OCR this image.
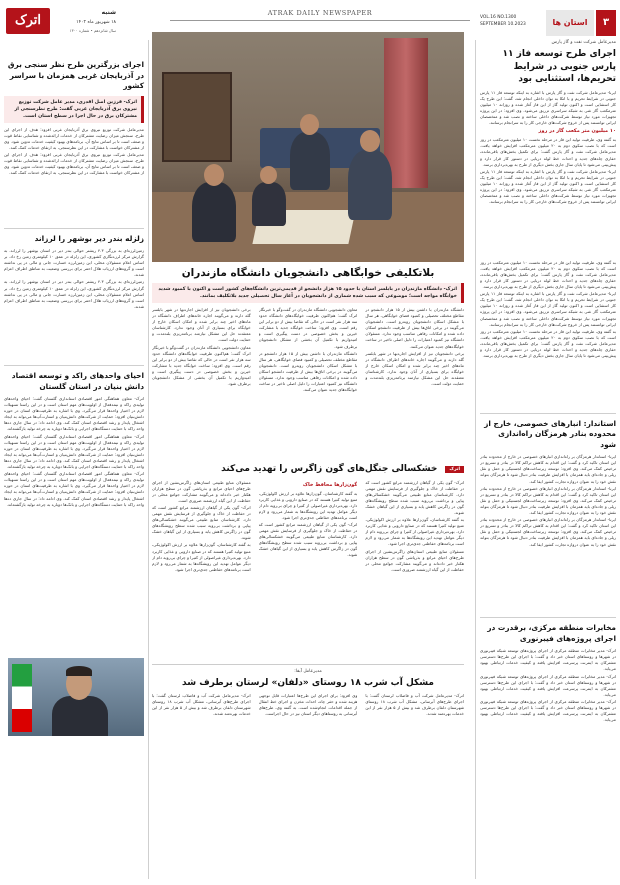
ATRAK DAILY NEWSPAPER
۳
استان ها
VOL.16 NO.1300
SEPTEMBER 10.2023
اترک
شنبه
۱۸ شهریور ماه ۱۴۰۲
سال شانزدهم • شماره ۱۳۰۰
مدیرعامل شرکت نفت و گاز پارس
اجرای طرح توسعه فاز ۱۱ پارس جنوبی در شرایط تحریم‌ها، استثنایی بود

ایرنا- مدیرعامل شرکت نفت و گاز پارس با اشاره به اینکه توسعه فاز ۱۱ پارس جنوبی در شرایط تحریم و با اتکا به توان داخلی انجام شد، گفت: این طرح یک کار استثنایی است و اکنون تولید گاز از این فاز آغاز شده و روزانه ۱۰ میلیون مترمکعب گاز غنی به شبکه سراسری تزریق می‌شود. وی افزود: در این پروژه تجهیزات مورد نیاز توسط شرکت‌های داخلی ساخته و نصب شد و متخصصان ایرانی توانستند پس از خروج شرکت‌های خارجی کار را به سرانجام برسانند.

۱۰ میلیون متر مکعب گاز در روز

به گفته وی، ظرفیت تولید این فاز در مرحله نخست ۱۰ میلیون مترمکعب در روز است که با نصب سکوی دوم به ۲۰ میلیون مترمکعب افزایش خواهد یافت. مدیرعامل شرکت نفت و گاز پارس گفت: برای تکمیل بخش‌های باقی‌مانده، حفاری چاه‌های جدید و احداث خط لوله دریایی در دستور کار قرار دارد و پیش‌بینی می‌شود تا پایان سال جاری بخش دیگری از طرح به بهره‌برداری برسد.

ایرنا- مدیرعامل شرکت نفت و گاز پارس با اشاره به اینکه توسعه فاز ۱۱ پارس جنوبی در شرایط تحریم و با اتکا به توان داخلی انجام شد، گفت: این طرح یک کار استثنایی است و اکنون تولید گاز از این فاز آغاز شده و روزانه ۱۰ میلیون مترمکعب گاز غنی به شبکه سراسری تزریق می‌شود. وی افزود: در این پروژه تجهیزات مورد نیاز توسط شرکت‌های داخلی ساخته و نصب شد و متخصصان ایرانی توانستند پس از خروج شرکت‌های خارجی کار را به سرانجام برسانند.

به گفته وی، ظرفیت تولید این فاز در مرحله نخست ۱۰ میلیون مترمکعب در روز است که با نصب سکوی دوم به ۲۰ میلیون مترمکعب افزایش خواهد یافت. مدیرعامل شرکت نفت و گاز پارس گفت: برای تکمیل بخش‌های باقی‌مانده، حفاری چاه‌های جدید و احداث خط لوله دریایی در دستور کار قرار دارد و پیش‌بینی می‌شود تا پایان سال جاری بخش دیگری از طرح به بهره‌برداری برسد.

ایرنا- مدیرعامل شرکت نفت و گاز پارس با اشاره به اینکه توسعه فاز ۱۱ پارس جنوبی در شرایط تحریم و با اتکا به توان داخلی انجام شد، گفت: این طرح یک کار استثنایی است و اکنون تولید گاز از این فاز آغاز شده و روزانه ۱۰ میلیون مترمکعب گاز غنی به شبکه سراسری تزریق می‌شود. وی افزود: در این پروژه تجهیزات مورد نیاز توسط شرکت‌های داخلی ساخته و نصب شد و متخصصان ایرانی توانستند پس از خروج شرکت‌های خارجی کار را به سرانجام برسانند.

به گفته وی، ظرفیت تولید این فاز در مرحله نخست ۱۰ میلیون مترمکعب در روز است که با نصب سکوی دوم به ۲۰ میلیون مترمکعب افزایش خواهد یافت. مدیرعامل شرکت نفت و گاز پارس گفت: برای تکمیل بخش‌های باقی‌مانده، حفاری چاه‌های جدید و احداث خط لوله دریایی در دستور کار قرار دارد و پیش‌بینی می‌شود تا پایان سال جاری بخش دیگری از طرح به بهره‌برداری برسد.

استاندار: انبارهای خصوصی، خارج از محدوده بنادر هرمزگان راه‌اندازی شود

ایرنا- استاندار هرمزگان بر راه‌اندازی انبارهای خصوصی در خارج از محدوده بنادر این استان تاکید کرد و گفت: این اقدام به کاهش تراکم کالا در بنادر و تسریع در ترخیص کمک می‌کند. وی افزود: توسعه زیرساخت‌های لجستیکی و حمل و نقل ریلی و جاده‌ای باید همزمان با افزایش ظرفیت بنادر دنبال شود تا هرمزگان بتواند نقش خود را به عنوان دروازه تجارت کشور ایفا کند.

ایرنا- استاندار هرمزگان بر راه‌اندازی انبارهای خصوصی در خارج از محدوده بنادر این استان تاکید کرد و گفت: این اقدام به کاهش تراکم کالا در بنادر و تسریع در ترخیص کمک می‌کند. وی افزود: توسعه زیرساخت‌های لجستیکی و حمل و نقل ریلی و جاده‌ای باید همزمان با افزایش ظرفیت بنادر دنبال شود تا هرمزگان بتواند نقش خود را به عنوان دروازه تجارت کشور ایفا کند.

ایرنا- استاندار هرمزگان بر راه‌اندازی انبارهای خصوصی در خارج از محدوده بنادر این استان تاکید کرد و گفت: این اقدام به کاهش تراکم کالا در بنادر و تسریع در ترخیص کمک می‌کند. وی افزود: توسعه زیرساخت‌های لجستیکی و حمل و نقل ریلی و جاده‌ای باید همزمان با افزایش ظرفیت بنادر دنبال شود تا هرمزگان بتواند نقش خود را به عنوان دروازه تجارت کشور ایفا کند.

مخابرات منطقه مرکزی، برقدرت در اجرای پروژه‌های فیبرنوری

اترک- مدیر مخابرات منطقه مرکزی از اجرای پروژه‌های توسعه شبکه فیبرنوری در شهرها و روستاهای استان خبر داد و گفت: با اجرای این طرح‌ها دسترسی مشترکان به اینترنت پرسرعت افزایش یافته و کیفیت خدمات ارتباطی بهبود می‌یابد.

اترک- مدیر مخابرات منطقه مرکزی از اجرای پروژه‌های توسعه شبکه فیبرنوری در شهرها و روستاهای استان خبر داد و گفت: با اجرای این طرح‌ها دسترسی مشترکان به اینترنت پرسرعت افزایش یافته و کیفیت خدمات ارتباطی بهبود می‌یابد.

اترک- مدیر مخابرات منطقه مرکزی از اجرای پروژه‌های توسعه شبکه فیبرنوری در شهرها و روستاهای استان خبر داد و گفت: با اجرای این طرح‌ها دسترسی مشترکان به اینترنت پرسرعت افزایش یافته و کیفیت خدمات ارتباطی بهبود می‌یابد.

بلاتکلیفی خوابگاهی دانشجویان دانشگاه مازندران
اترک- دانشگاه مازندران در بابلسر استان با حدود ۱۵ هزار دانشجو از قدیمی‌ترین دانشگاه‌های کشور است و اکنون با کمبود شدید خوابگاه مواجه است؛ موضوعی که سبب شده شماری از دانشجویان در آغاز سال تحصیلی جدید بلاتکلیف بمانند.

دانشگاه مازندران با داشتن بیش از ۱۵ هزار دانشجو در مقاطع مختلف تحصیلی و کمبود فضای خوابگاهی، هر سال با مشکل اسکان دانشجویان روبه‌رو است. دانشجویان می‌گویند در برخی اتاق‌ها بیش از ظرفیت دانشجو اسکان داده شده و امکانات رفاهی مناسب وجود ندارد. مسئولان دانشگاه نیز کمبود اعتبارات را دلیل اصلی تاخیر در ساخت خوابگاه‌های جدید عنوان می‌کنند.

برخی دانشجویان نیز از افزایش اجاره‌بها در شهر بابلسر گله دارند و می‌گویند اجاره خانه‌های اطراف دانشگاه در ماه‌های اخیر چند برابر شده و امکان اسکان خارج از خوابگاه برای بسیاری از آنان وجود ندارد. کارشناسان معتقدند حل این مشکل نیازمند برنامه‌ریزی بلندمدت و حمایت دولت است.

معاون دانشجویی دانشگاه مازندران در گفت‌وگو با خبرنگار اترک گفت: هم‌اکنون ظرفیت خوابگاه‌های دانشگاه حدود سه هزار نفر است در حالی که تقاضا بیش از دو برابر این رقم است. وی افزود: ساخت خوابگاه جدید با مشارکت خیرین و بخش خصوصی در دست پیگیری است و امیدواریم با تکمیل آن بخشی از مشکل دانشجویان برطرف شود.

دانشگاه مازندران با داشتن بیش از ۱۵ هزار دانشجو در مقاطع مختلف تحصیلی و کمبود فضای خوابگاهی، هر سال با مشکل اسکان دانشجویان روبه‌رو است. دانشجویان می‌گویند در برخی اتاق‌ها بیش از ظرفیت دانشجو اسکان داده شده و امکانات رفاهی مناسب وجود ندارد. مسئولان دانشگاه نیز کمبود اعتبارات را دلیل اصلی تاخیر در ساخت خوابگاه‌های جدید عنوان می‌کنند.

برخی دانشجویان نیز از افزایش اجاره‌بها در شهر بابلسر گله دارند و می‌گویند اجاره خانه‌های اطراف دانشگاه در ماه‌های اخیر چند برابر شده و امکان اسکان خارج از خوابگاه برای بسیاری از آنان وجود ندارد. کارشناسان معتقدند حل این مشکل نیازمند برنامه‌ریزی بلندمدت و حمایت دولت است.

معاون دانشجویی دانشگاه مازندران در گفت‌وگو با خبرنگار اترک گفت: هم‌اکنون ظرفیت خوابگاه‌های دانشگاه حدود سه هزار نفر است در حالی که تقاضا بیش از دو برابر این رقم است. وی افزود: ساخت خوابگاه جدید با مشارکت خیرین و بخش خصوصی در دست پیگیری است و امیدواریم با تکمیل آن بخشی از مشکل دانشجویان برطرف شود.

اترک
خشکسالی جنگل‌های گون زاگرس را تهدید می‌کند

اترک- گون یکی از گیاهان ارزشمند مراتع کشور است که در حفاظت از خاک و جلوگیری از فرسایش نقش مهمی دارد. کارشناسان منابع طبیعی می‌گویند خشکسالی‌های پیاپی و برداشت بی‌رویه سبب شده سطح رویشگاه‌های گون در زاگرس کاهش یابد و بسیاری از این گیاهان خشک شوند.

به گفته کارشناسان، گون‌زارها علاوه بر ارزش اکولوژیکی، منبع تولید کتیرا هستند که در صنایع دارویی و غذایی کاربرد دارد. بهره‌برداری غیراصولی از کتیرا و چرای بی‌رویه دام از دیگر عوامل تهدید این رویشگاه‌ها به شمار می‌رود و لازم است برنامه‌های حفاظتی جدی‌تری اجرا شود.

مسئولان منابع طبیعی استان‌های زاگرس‌نشین از اجرای طرح‌های احیای مراتع و بذرپاشی گون در سطح هزاران هکتار خبر داده‌اند و می‌گویند مشارکت جوامع محلی در حفاظت از این گیاه ارزشمند ضروری است.

گون‌زارها محافظ خاک

به گفته کارشناسان، گون‌زارها علاوه بر ارزش اکولوژیکی، منبع تولید کتیرا هستند که در صنایع دارویی و غذایی کاربرد دارد. بهره‌برداری غیراصولی از کتیرا و چرای بی‌رویه دام از دیگر عوامل تهدید این رویشگاه‌ها به شمار می‌رود و لازم است برنامه‌های حفاظتی جدی‌تری اجرا شود.

اترک- گون یکی از گیاهان ارزشمند مراتع کشور است که در حفاظت از خاک و جلوگیری از فرسایش نقش مهمی دارد. کارشناسان منابع طبیعی می‌گویند خشکسالی‌های پیاپی و برداشت بی‌رویه سبب شده سطح رویشگاه‌های گون در زاگرس کاهش یابد و بسیاری از این گیاهان خشک شوند.

مسئولان منابع طبیعی استان‌های زاگرس‌نشین از اجرای طرح‌های احیای مراتع و بذرپاشی گون در سطح هزاران هکتار خبر داده‌اند و می‌گویند مشارکت جوامع محلی در حفاظت از این گیاه ارزشمند ضروری است.

اترک- گون یکی از گیاهان ارزشمند مراتع کشور است که در حفاظت از خاک و جلوگیری از فرسایش نقش مهمی دارد. کارشناسان منابع طبیعی می‌گویند خشکسالی‌های پیاپی و برداشت بی‌رویه سبب شده سطح رویشگاه‌های گون در زاگرس کاهش یابد و بسیاری از این گیاهان خشک شوند.

به گفته کارشناسان، گون‌زارها علاوه بر ارزش اکولوژیکی، منبع تولید کتیرا هستند که در صنایع دارویی و غذایی کاربرد دارد. بهره‌برداری غیراصولی از کتیرا و چرای بی‌رویه دام از دیگر عوامل تهدید این رویشگاه‌ها به شمار می‌رود و لازم است برنامه‌های حفاظتی جدی‌تری اجرا شود.

مدیرعامل آبفا:
مشکل آب شرب ۱۸ روستای «دلفان» لرستان برطرف شد
اترک- مدیرعامل شرکت آب و فاضلاب لرستان گفت: با اجرای طرح‌های آبرسانی، مشکل آب شرب ۱۸ روستای شهرستان دلفان برطرف شد و بیش از ۵ هزار نفر از این خدمات بهره‌مند شدند.
وی افزود: برای اجرای این طرح‌ها اعتبارات قابل توجهی هزینه شده و حفر چاه، احداث مخزن و اجرای خط انتقال از جمله اقدامات انجام‌شده است. به گفته وی، طرح‌های آبرسانی به روستاهای دیگر استان نیز در حال اجراست.
اترک- مدیرعامل شرکت آب و فاضلاب لرستان گفت: با اجرای طرح‌های آبرسانی، مشکل آب شرب ۱۸ روستای شهرستان دلفان برطرف شد و بیش از ۵ هزار نفر از این خدمات بهره‌مند شدند.
اجرای بزرگترین طرح نظر سنجی برق در آذربایجان غربی همزمان با سراسر کشور
اترک- فرزین اصل اقدری، مدیر عامل شرکت توزیع نیروی برق آذربایجان غربی گفت: طرح نظرسنجی از مشترکان برق در حال اجرا در سطح استان است.

مدیرعامل شرکت توزیع نیروی برق آذربایجان غربی افزود: هدف از اجرای این طرح، سنجش میزان رضایت مشترکان از خدمات ارائه‌شده و شناسایی نقاط قوت و ضعف است تا بر اساس نتایج آن، برنامه‌های بهبود کیفیت خدمات تدوین شود. وی از مشترکان خواست با مشارکت در این نظرسنجی، به ارتقای خدمات کمک کنند.

مدیرعامل شرکت توزیع نیروی برق آذربایجان غربی افزود: هدف از اجرای این طرح، سنجش میزان رضایت مشترکان از خدمات ارائه‌شده و شناسایی نقاط قوت و ضعف است تا بر اساس نتایج آن، برنامه‌های بهبود کیفیت خدمات تدوین شود. وی از مشترکان خواست با مشارکت در این نظرسنجی، به ارتقای خدمات کمک کنند.

زلزله بندر دیر بوشهر را لرزاند

زمین‌لرزه‌ای به بزرگی ۴.۳ ریشتر حوالی بندر دیر در استان بوشهر را لرزاند. به گزارش مرکز لرزه‌نگاری کشوری، این زلزله در عمق ۱۰ کیلومتری زمین رخ داد. بر اساس اعلام مسئولان محلی، این زمین‌لرزه خسارت جانی و مالی در پی نداشته است و گروه‌های ارزیاب هلال احمر برای بررسی وضعیت به مناطق اطراف اعزام شدند.

زمین‌لرزه‌ای به بزرگی ۴.۳ ریشتر حوالی بندر دیر در استان بوشهر را لرزاند. به گزارش مرکز لرزه‌نگاری کشوری، این زلزله در عمق ۱۰ کیلومتری زمین رخ داد. بر اساس اعلام مسئولان محلی، این زمین‌لرزه خسارت جانی و مالی در پی نداشته است و گروه‌های ارزیاب هلال احمر برای بررسی وضعیت به مناطق اطراف اعزام شدند.

احیای واحدهای راکد و توسعه اقتصاد دانش بنیان در استان گلستان

اترک- معاون هماهنگی امور اقتصادی استانداری گلستان گفت: احیای واحدهای تولیدی راکد و نیمه‌فعال از اولویت‌های مهم استان است و در این راستا تسهیلات لازم در اختیار واحدها قرار می‌گیرد. وی با اشاره به ظرفیت‌های استان در حوزه دانش‌بنیان افزود: حمایت از شرکت‌های دانش‌بنیان و استارت‌آپ‌ها می‌تواند به ایجاد اشتغال پایدار و رشد اقتصادی استان کمک کند. وی ادامه داد: در سال جاری ده‌ها واحد راکد با حمایت دستگاه‌های اجرایی و بانک‌ها دوباره به چرخه تولید بازگشته‌اند.

اترک- معاون هماهنگی امور اقتصادی استانداری گلستان گفت: احیای واحدهای تولیدی راکد و نیمه‌فعال از اولویت‌های مهم استان است و در این راستا تسهیلات لازم در اختیار واحدها قرار می‌گیرد. وی با اشاره به ظرفیت‌های استان در حوزه دانش‌بنیان افزود: حمایت از شرکت‌های دانش‌بنیان و استارت‌آپ‌ها می‌تواند به ایجاد اشتغال پایدار و رشد اقتصادی استان کمک کند. وی ادامه داد: در سال جاری ده‌ها واحد راکد با حمایت دستگاه‌های اجرایی و بانک‌ها دوباره به چرخه تولید بازگشته‌اند.

اترک- معاون هماهنگی امور اقتصادی استانداری گلستان گفت: احیای واحدهای تولیدی راکد و نیمه‌فعال از اولویت‌های مهم استان است و در این راستا تسهیلات لازم در اختیار واحدها قرار می‌گیرد. وی با اشاره به ظرفیت‌های استان در حوزه دانش‌بنیان افزود: حمایت از شرکت‌های دانش‌بنیان و استارت‌آپ‌ها می‌تواند به ایجاد اشتغال پایدار و رشد اقتصادی استان کمک کند. وی ادامه داد: در سال جاری ده‌ها واحد راکد با حمایت دستگاه‌های اجرایی و بانک‌ها دوباره به چرخه تولید بازگشته‌اند.
